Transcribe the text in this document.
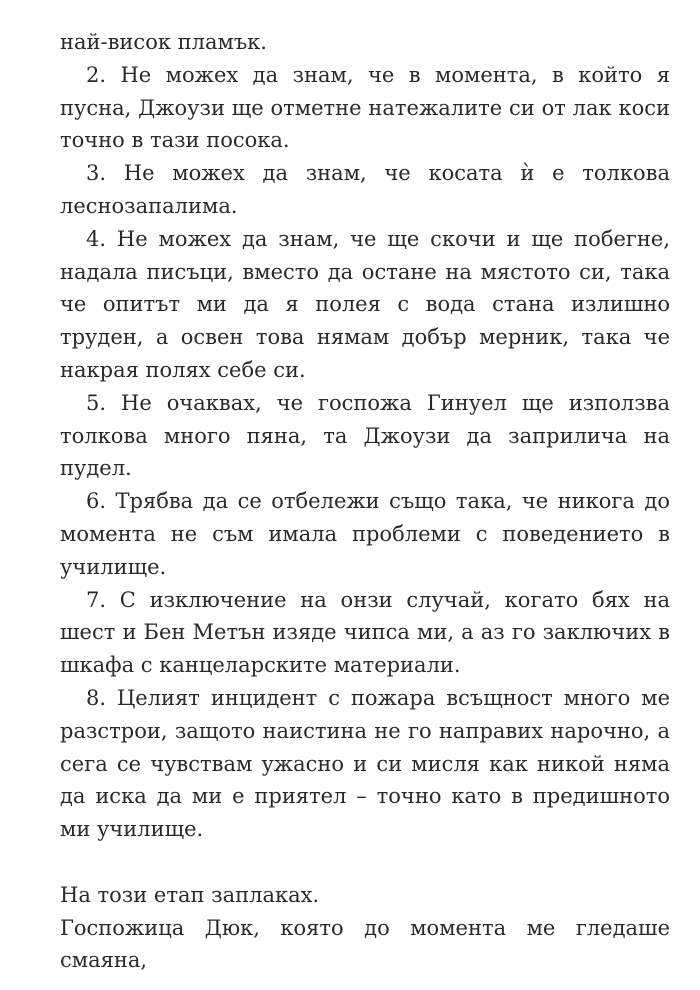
най-висок пламък.

2. Не можех да знам, че в момента, в който я пусна, Джоузи ще отметне натежалите си от лак коси точно в тази посока.

3. Не можех да знам, че косата ѝ е толкова леснозапалима.

4. Не можех да знам, че ще скочи и ще побегне, надала писъци, вместо да остане на мястото си, така че опитът ми да я полея с вода стана излишно труден, а освен това нямам добър мерник, така че накрая полях себе си.

5. Не очаквах, че госпожа Гинуел ще използва толкова много пяна, та Джоузи да заприлича на пудел.

6. Трябва да се отбележи също така, че никога до момента не съм имала проблеми с поведението в училище.

7. С изключение на онзи случай, когато бях на шест и Бен Метън изяде чипса ми, а аз го заключих в шкафа с канцеларските материали.

8. Целият инцидент с пожара всъщност много ме разстрои, защото наистина не го направих нарочно, а сега се чувствам ужасно и си мисля как никой няма да иска да ми е приятел – точно като в предишното ми училище.

На този етап заплаках.

Госпожица Дюк, която до момента ме гледаше смаяна,
